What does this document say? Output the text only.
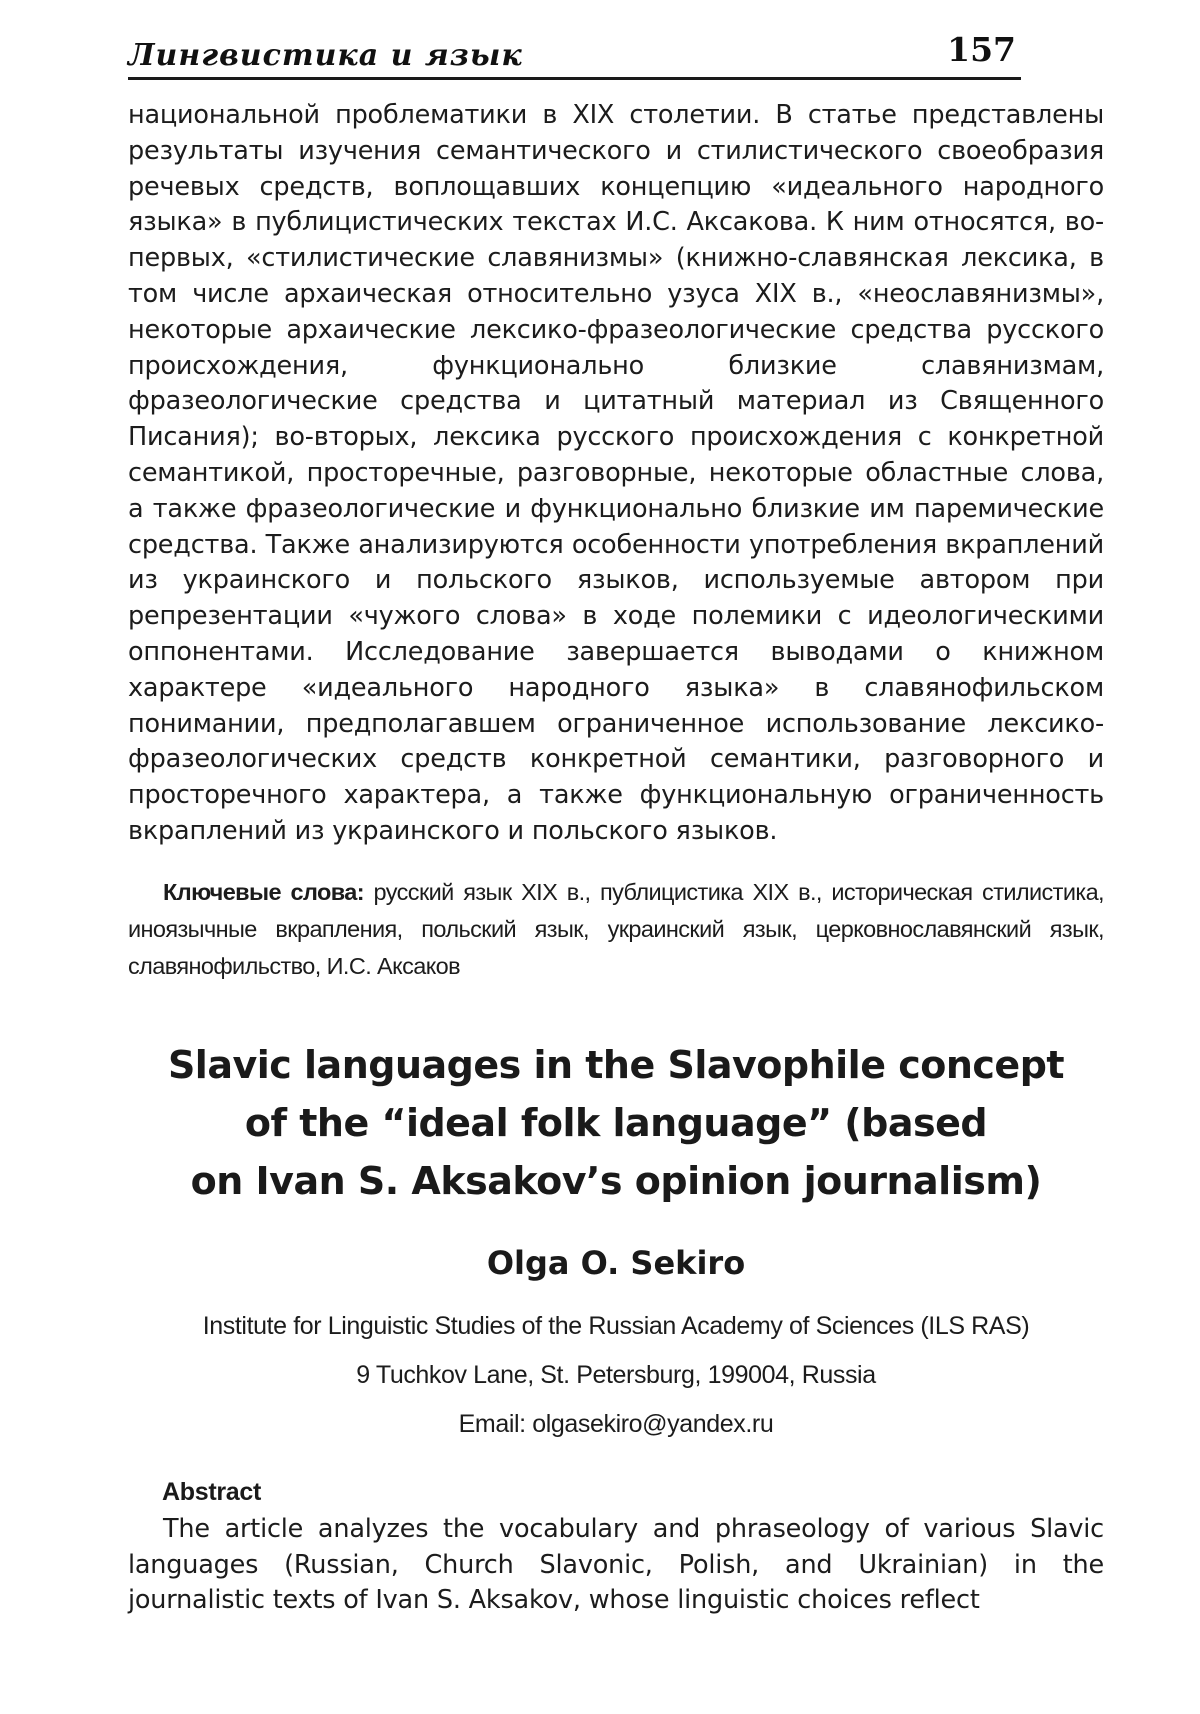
Лингвистика и язык	157

национальной проблематики в XIX столетии. В статье представлены результаты изучения семантического и стилистического своеобразия речевых средств, воплощавших концепцию «идеального народного языка» в публицистических текстах И.С. Аксакова. К ним относятся, во-первых, «стилистические славянизмы» (книжно-славянская лексика, в том числе архаическая относительно узуса XIX в., «неославянизмы», некоторые архаические лексико-фразеологические средства русского происхождения, функционально близкие славянизмам, фразеологические средства и цитатный материал из Священного Писания); во-вторых, лексика русского происхождения с конкретной семантикой, просторечные, разговорные, некоторые областные слова, а также фразеологические и функционально близкие им паремические средства. Также анализируются особенности употребления вкраплений из украинского и польского языков, используемые автором при репрезентации «чужого слова» в ходе полемики с идеологическими оппонентами. Исследование завершается выводами о книжном характере «идеального народного языка» в славянофильском понимании, предполагавшем ограниченное использование лексико-фразеологических средств конкретной семантики, разговорного и просторечного характера, а также функциональную ограниченность вкраплений из украинского и польского языков.

Ключевые слова: русский язык XIX в., публицистика XIX в., историческая стилистика, иноязычные вкрапления, польский язык, украинский язык, церковнославянский язык, славянофильство, И.С. Аксаков

Slavic languages in the Slavophile concept
of the “ideal folk language” (based
on Ivan S. Aksakov’s opinion journalism)
Olga O. Sekiro
Institute for Linguistic Studies of the Russian Academy of Sciences (ILS RAS)
9 Tuchkov Lane, St. Petersburg, 199004, Russia
Email: olgasekiro@yandex.ru
Abstract

The article analyzes the vocabulary and phraseology of various Slavic languages (Russian, Church Slavonic, Polish, and Ukrainian) in the journalistic texts of Ivan S. Aksakov, whose linguistic choices reflect
